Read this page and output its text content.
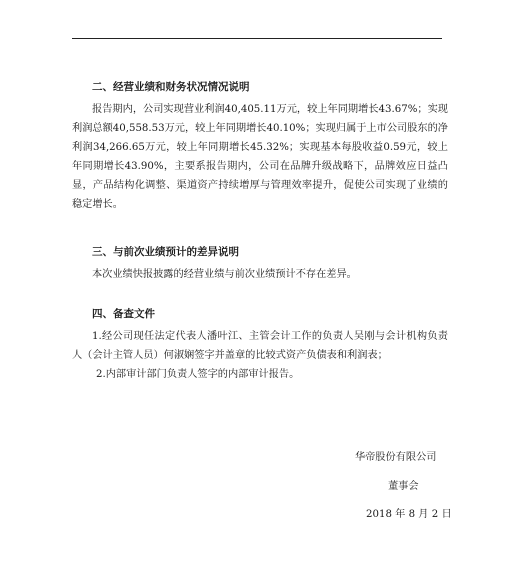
二、经营业绩和财务状况情况说明

报告期内，公司实现营业利润40,405.11万元，较上年同期增长43.67%；实现利润总额40,558.53万元，较上年同期增长40.10%；实现归属于上市公司股东的净利润34,266.65万元，较上年同期增长45.32%；实现基本每股收益0.59元，较上年同期增长43.90%，主要系报告期内，公司在品牌升级战略下，品牌效应日益凸显，产品结构化调整、渠道资产持续增厚与管理效率提升，促使公司实现了业绩的稳定增长。

三、与前次业绩预计的差异说明

本次业绩快报披露的经营业绩与前次业绩预计不存在差异。

四、备查文件

1.经公司现任法定代表人潘叶江、主管会计工作的负责人吴刚与会计机构负责人（会计主管人员）何淑娴签字并盖章的比较式资产负债表和利润表；

2.内部审计部门负责人签字的内部审计报告。

华帝股份有限公司
董事会
2018 年 8 月 2 日
